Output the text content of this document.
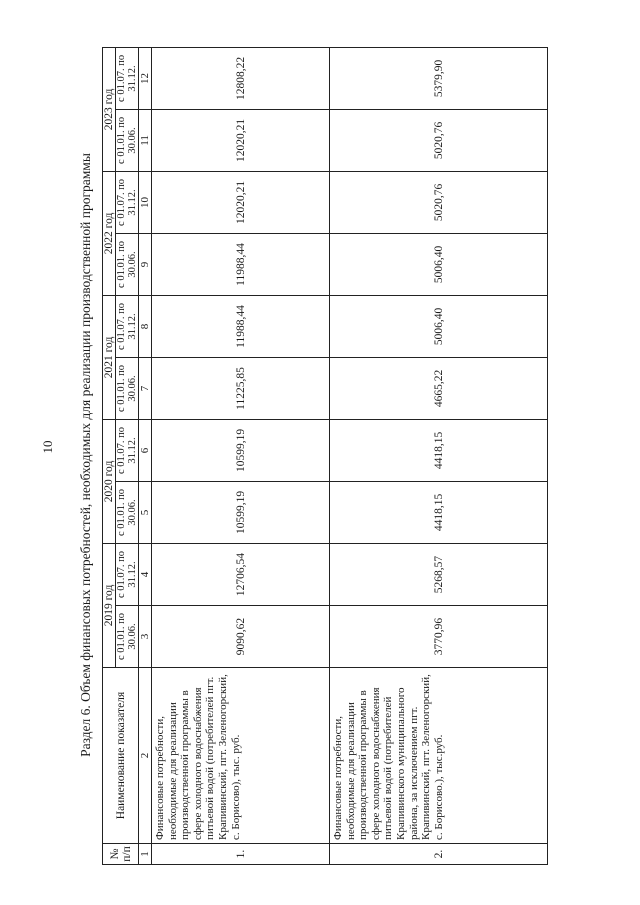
10 Раздел 6. Объем финансовых потребностей, необходимых для реализации производственной программы
№ п/п	Наименование показателя	2019 год		2020 год		2021 год		2022 год		2023 год	
		с 01.01. по 30.06.	с 01.07. по 31.12.	с 01.01. по 30.06.	с 01.07. по 31.12.	с 01.01. по 30.06.	с 01.07. по 31.12.	с 01.01. по 30.06.	с 01.07. по 31.12.	с 01.01. по 30.06.	с 01.07. по 31.12.
1	2	3	4	5	6	7	8	9	10	11	12
1.	Финансовые потребности, необходимые для реализации производственной программы в сфере холодного водоснабжения питьевой водой (потребителей пгт. Крапивинский, пгт. Зеленогорский, с. Борисово), тыс. руб.	9090,62	12706,54	10599,19	10599,19	11225,85	11988,44	11988,44	12020,21	12020,21	12808,22
2.	Финансовые потребности, необходимые для реализации производственной программы в сфере холодного водоснабжения питьевой водой (потребителей Крапивинского муниципального района, за исключением пгт. Крапивинский, пгт. Зеленогорский, с. Борисово.), тыс.руб.	3770,96	5268,57	4418,15	4418,15	4665,22	5006,40	5006,40	5020,76	5020,76	5379,90
